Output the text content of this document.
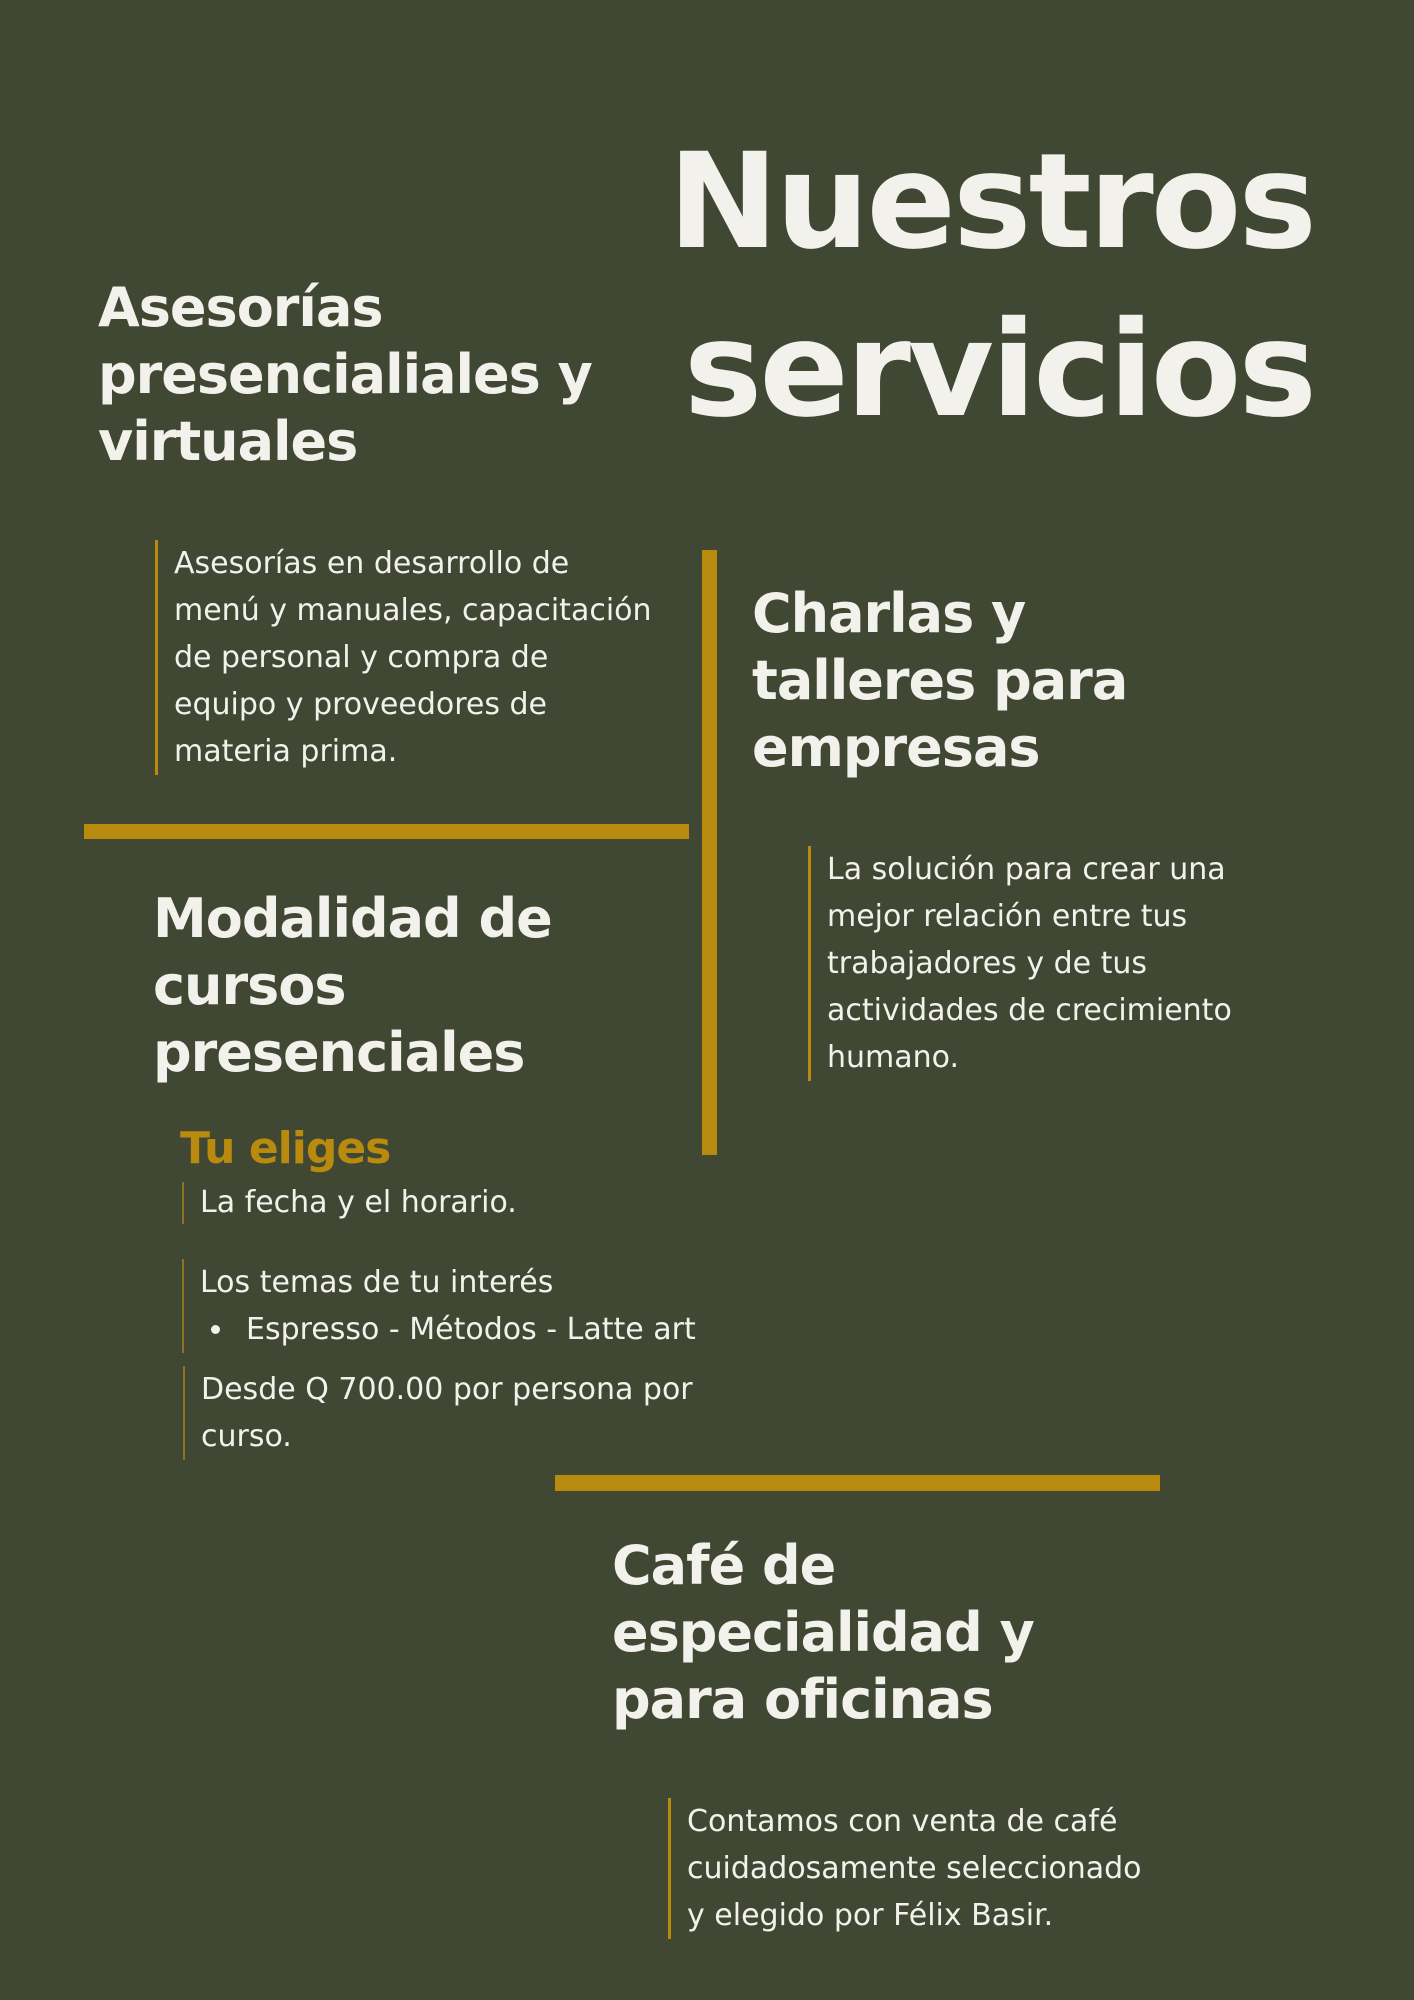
Nuestros
servicios
Asesorías
presencialiales y
virtuales
Asesorías en desarrollo de
menú y manuales, capacitación
de personal y compra de
equipo y proveedores de
materia prima.
Charlas y
talleres para
empresas
La solución para crear una
mejor relación entre tus
trabajadores y de tus
actividades de crecimiento
humano.
Modalidad de
cursos
presenciales
Tu eliges
La fecha y el horario.
Los temas de tu interés
• Espresso - Métodos - Latte art
Desde Q 700.00 por persona por
curso.
Café de
especialidad y
para oficinas
Contamos con venta de café
cuidadosamente seleccionado
y elegido por Félix Basir.
